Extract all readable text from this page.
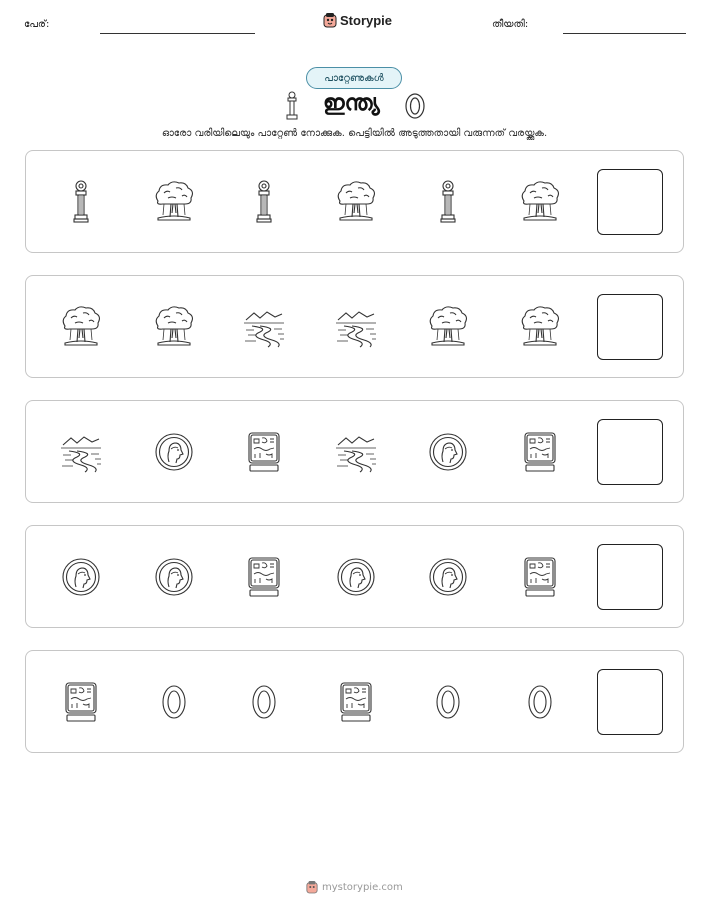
പേര്:	Storypie	തീയതി:
പാറ്റേണുകൾ
ഇന്ത്യ
ഓരോ വരിയിലെയും പാറ്റേൺ നോക്കുക. പെട്ടിയിൽ അടുത്തതായി വരുന്നത് വരയ്ക്കുക.
mystorypie.com
